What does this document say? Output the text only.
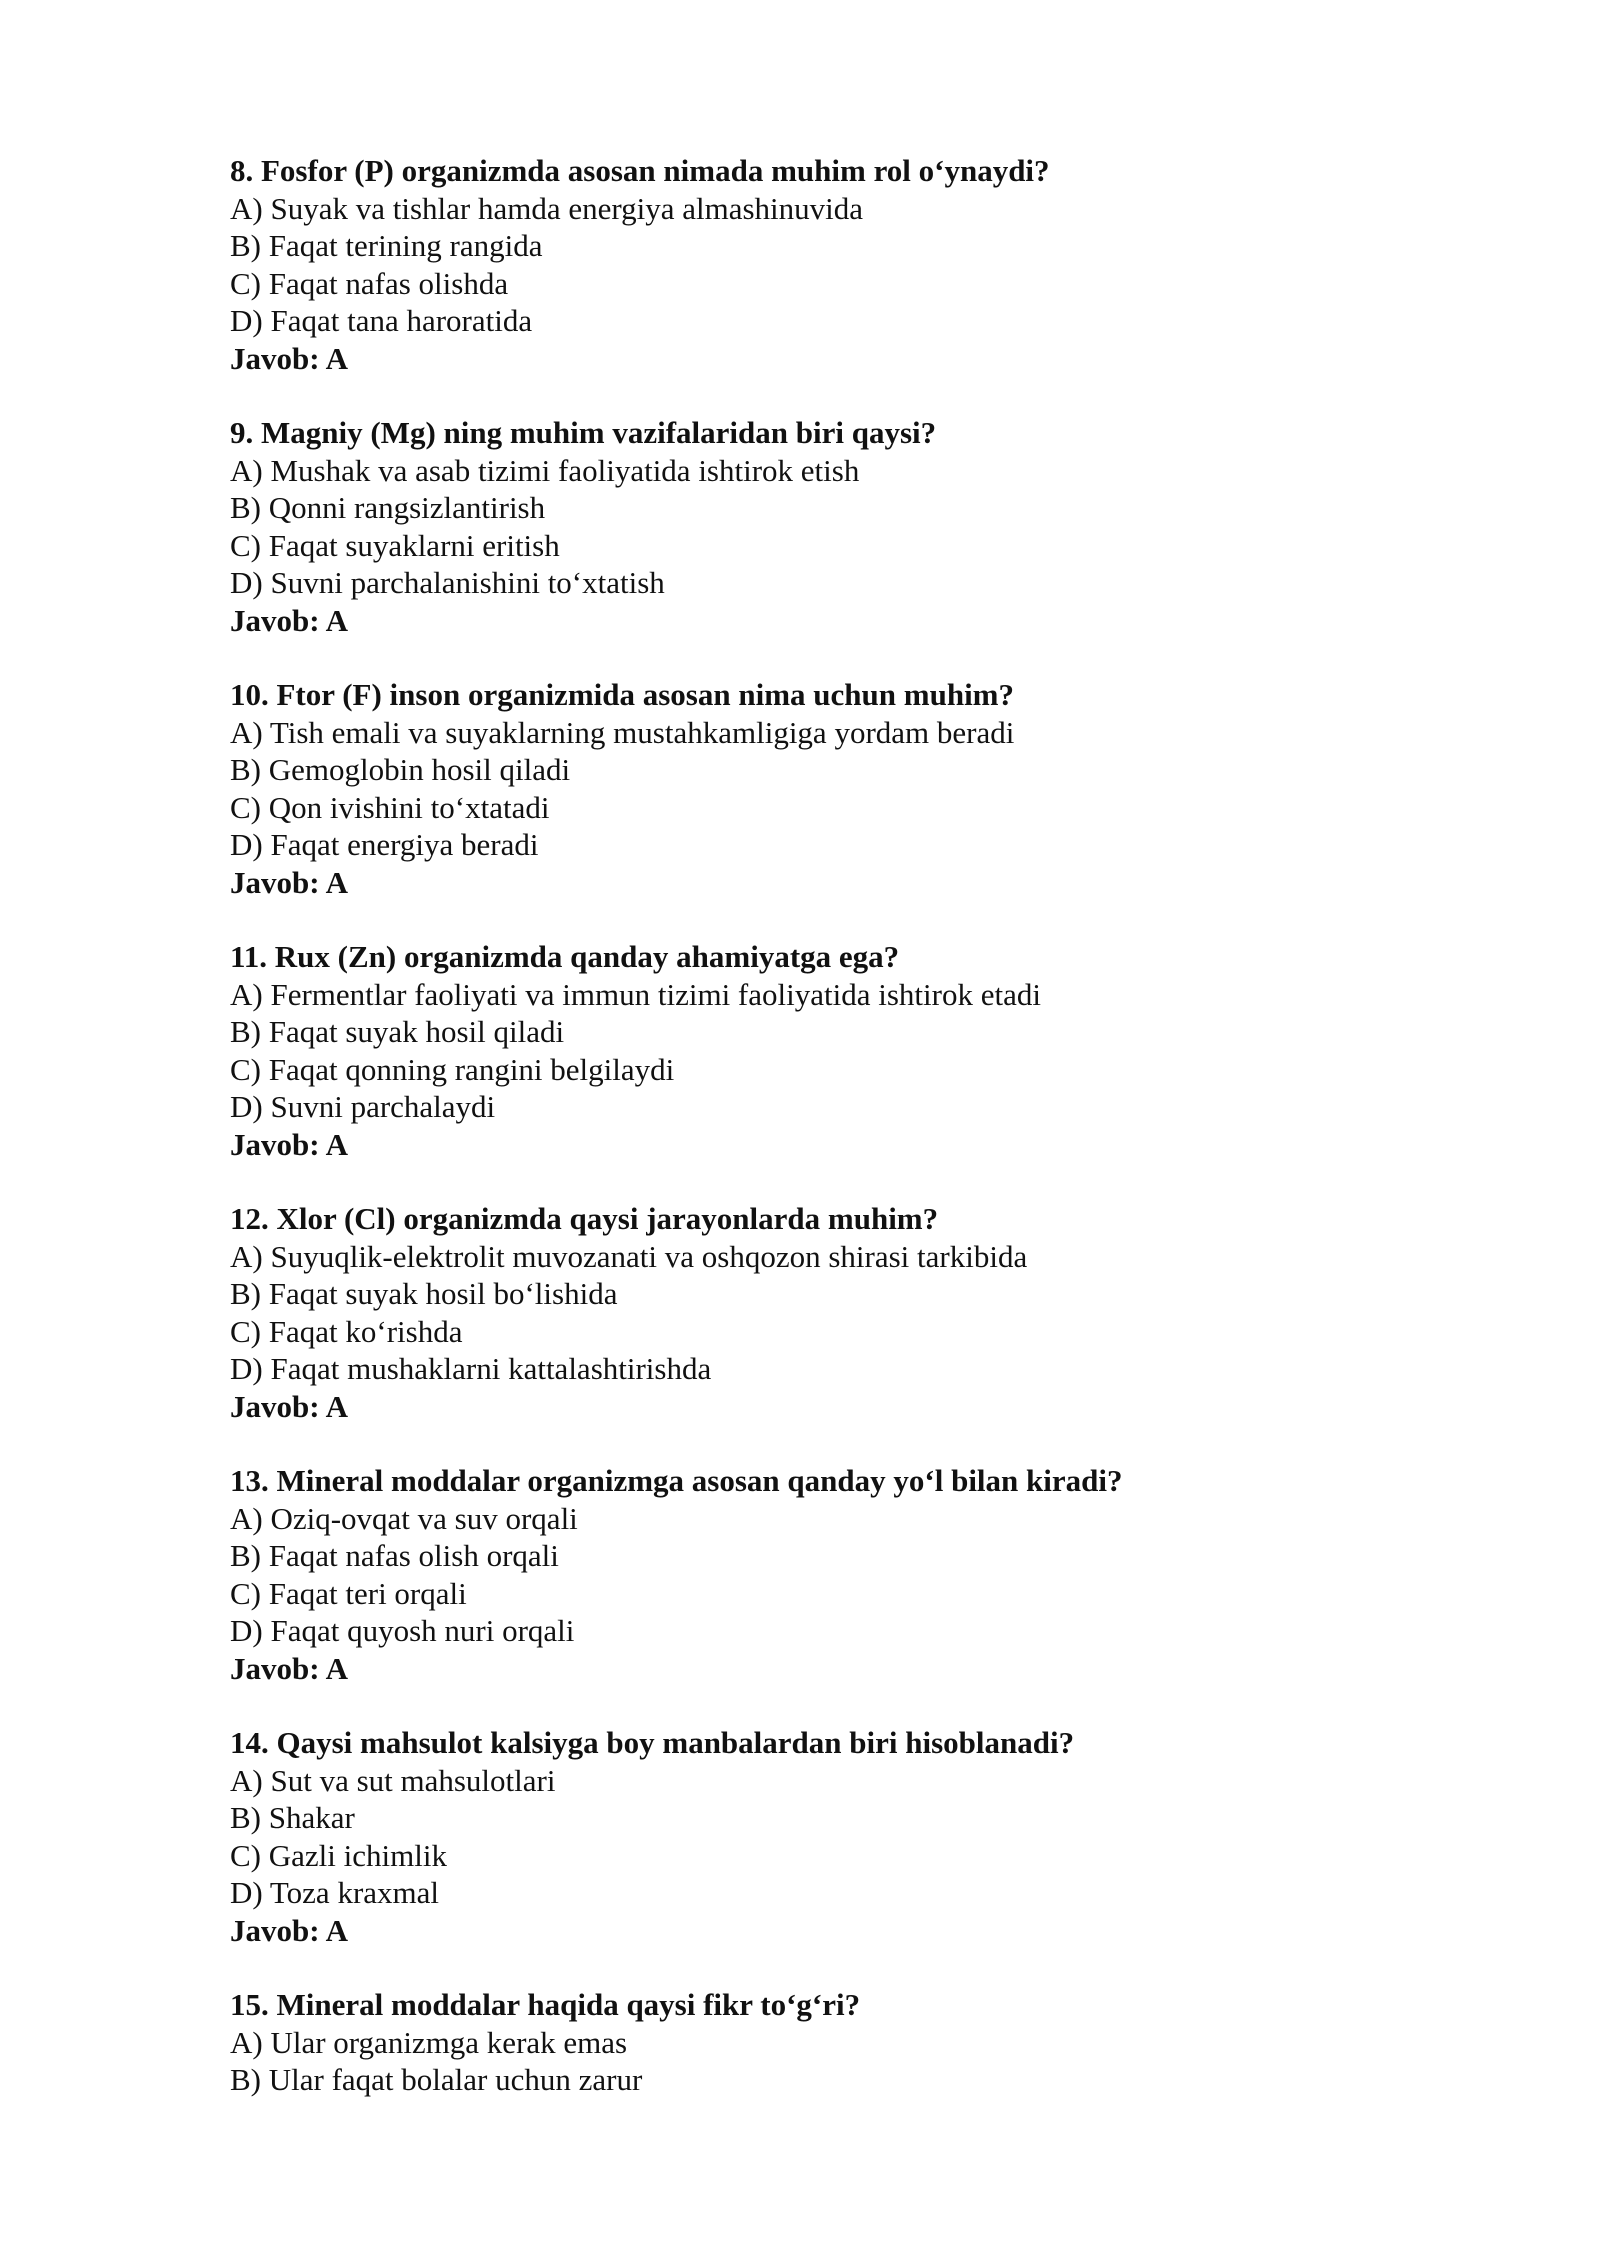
8. Fosfor (P) organizmda asosan nimada muhim rol o‘ynaydi?
A) Suyak va tishlar hamda energiya almashinuvida
B) Faqat terining rangida
C) Faqat nafas olishda
D) Faqat tana haroratida
Javob: A
9. Magniy (Mg) ning muhim vazifalaridan biri qaysi?
A) Mushak va asab tizimi faoliyatida ishtirok etish
B) Qonni rangsizlantirish
C) Faqat suyaklarni eritish
D) Suvni parchalanishini to‘xtatish
Javob: A
10. Ftor (F) inson organizmida asosan nima uchun muhim?
A) Tish emali va suyaklarning mustahkamligiga yordam beradi
B) Gemoglobin hosil qiladi
C) Qon ivishini to‘xtatadi
D) Faqat energiya beradi
Javob: A
11. Rux (Zn) organizmda qanday ahamiyatga ega?
A) Fermentlar faoliyati va immun tizimi faoliyatida ishtirok etadi
B) Faqat suyak hosil qiladi
C) Faqat qonning rangini belgilaydi
D) Suvni parchalaydi
Javob: A
12. Xlor (Cl) organizmda qaysi jarayonlarda muhim?
A) Suyuqlik-elektrolit muvozanati va oshqozon shirasi tarkibida
B) Faqat suyak hosil bo‘lishida
C) Faqat ko‘rishda
D) Faqat mushaklarni kattalashtirishda
Javob: A
13. Mineral moddalar organizmga asosan qanday yo‘l bilan kiradi?
A) Oziq-ovqat va suv orqali
B) Faqat nafas olish orqali
C) Faqat teri orqali
D) Faqat quyosh nuri orqali
Javob: A
14. Qaysi mahsulot kalsiyga boy manbalardan biri hisoblanadi?
A) Sut va sut mahsulotlari
B) Shakar
C) Gazli ichimlik
D) Toza kraxmal
Javob: A
15. Mineral moddalar haqida qaysi fikr to‘g‘ri?
A) Ular organizmga kerak emas
B) Ular faqat bolalar uchun zarur
